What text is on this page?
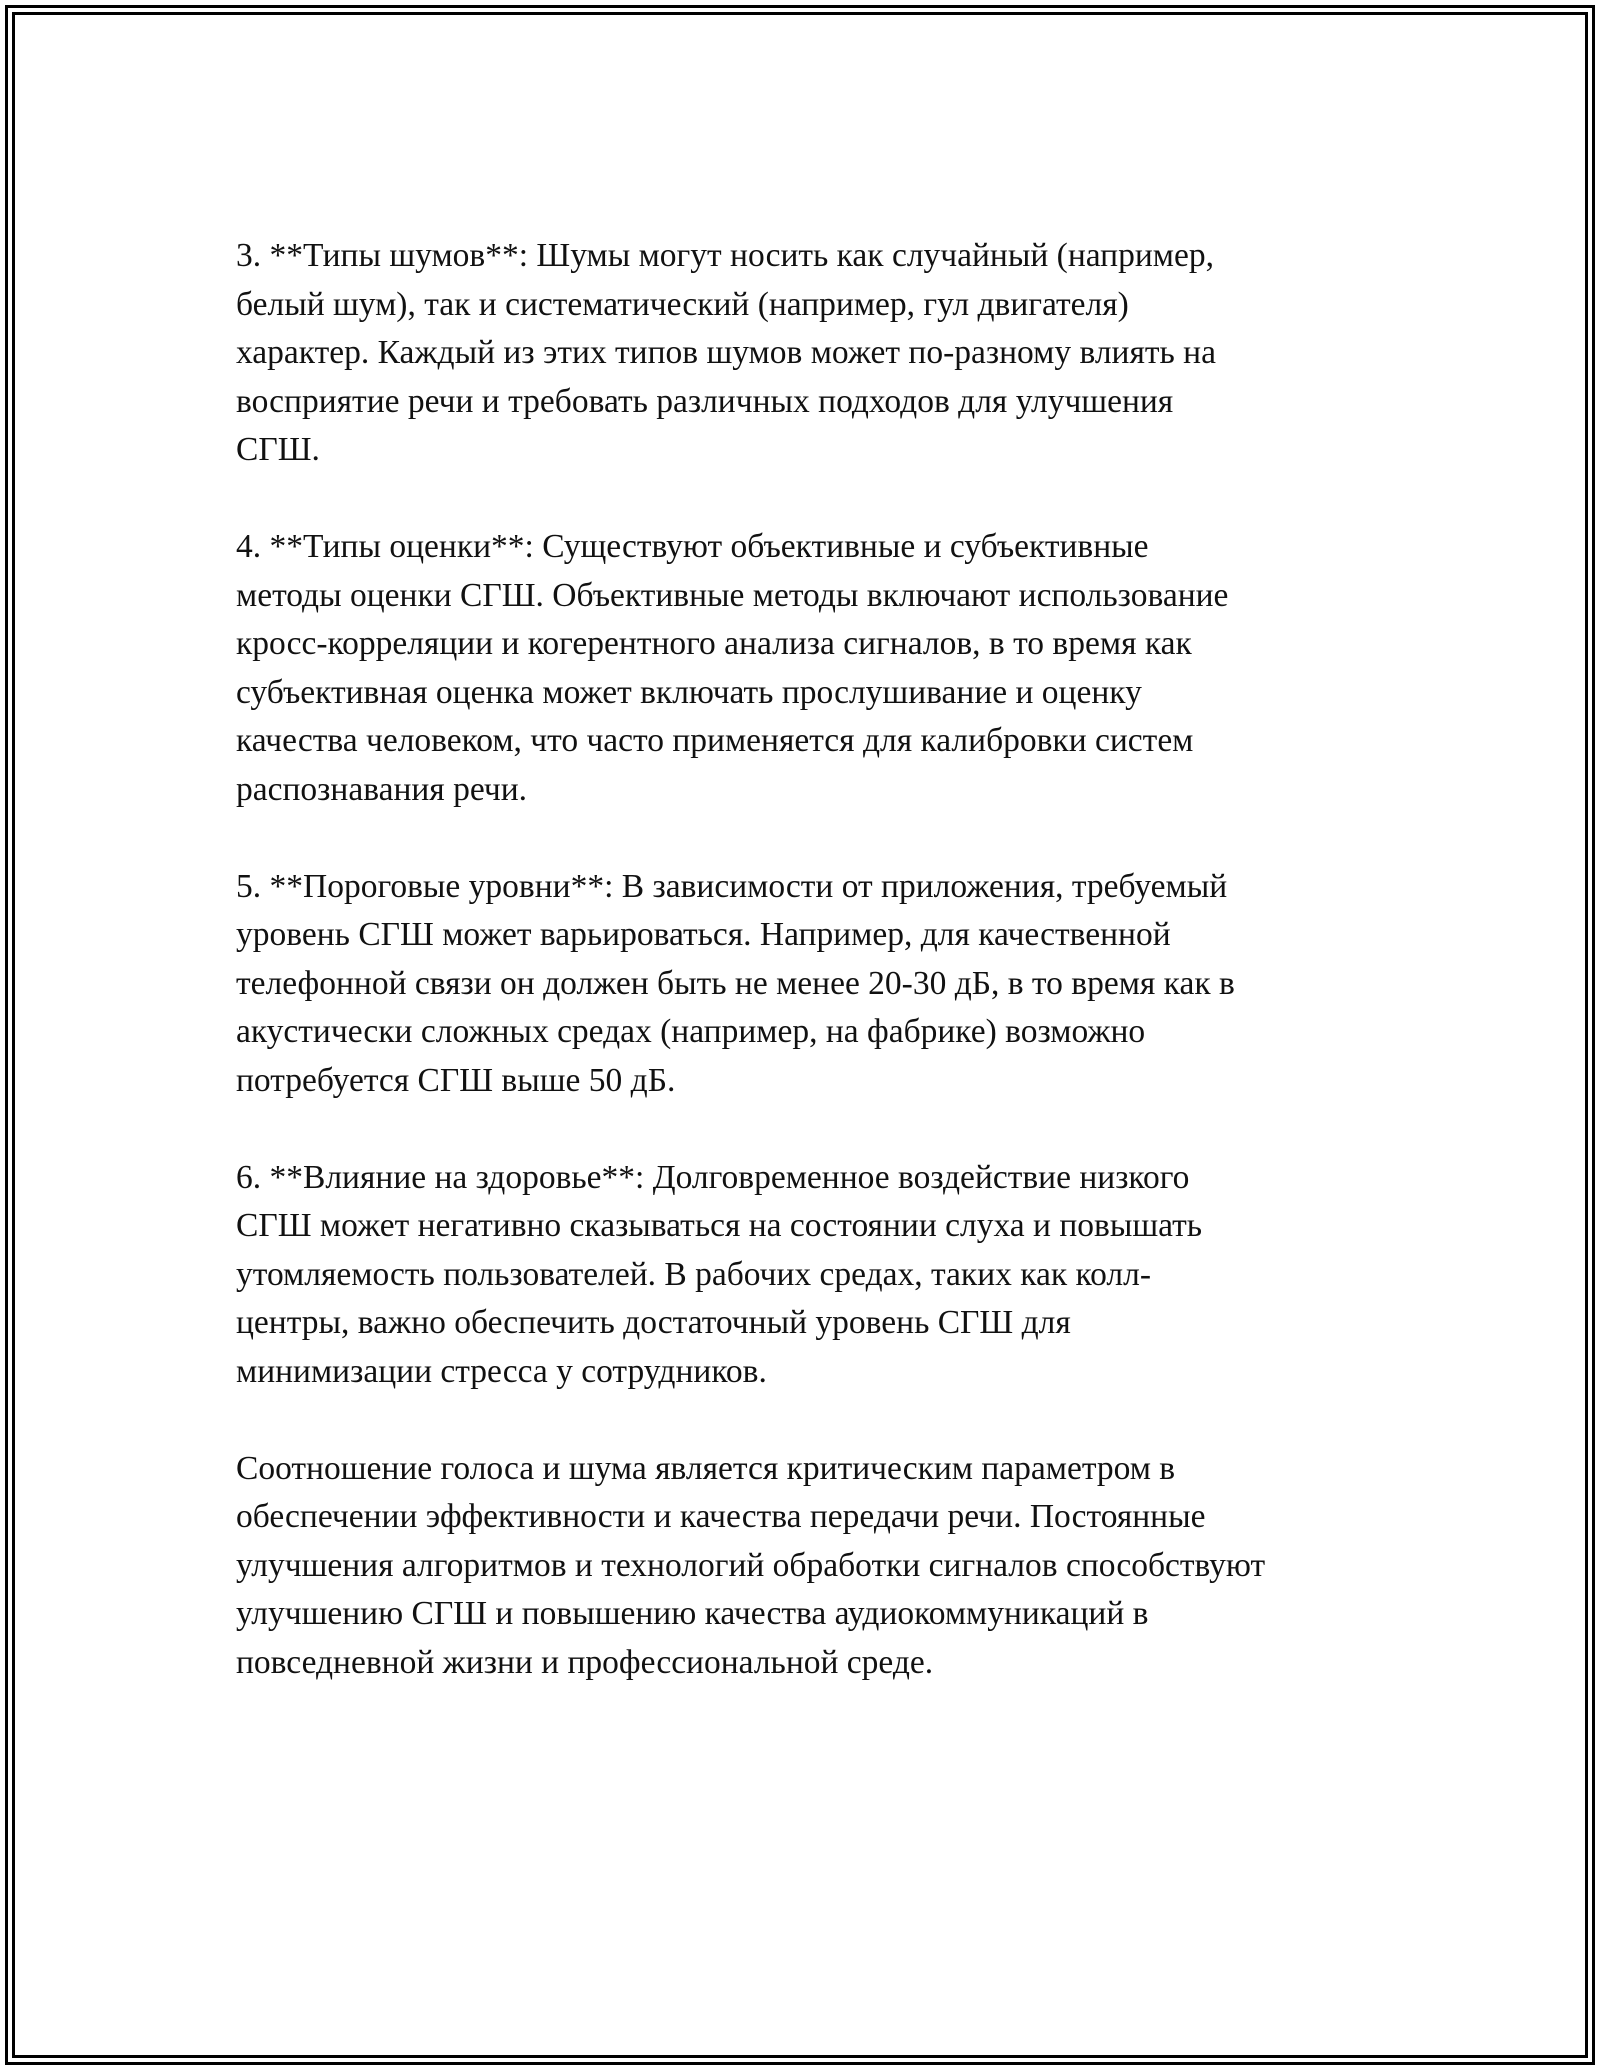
3. **Типы шумов**: Шумы могут носить как случайный (например,
белый шум), так и систематический (например, гул двигателя)
характер. Каждый из этих типов шумов может по-разному влиять на
восприятие речи и требовать различных подходов для улучшения
СГШ.

4. **Типы оценки**: Существуют объективные и субъективные
методы оценки СГШ. Объективные методы включают использование
кросс-корреляции и когерентного анализа сигналов, в то время как
субъективная оценка может включать прослушивание и оценку
качества человеком, что часто применяется для калибровки систем
распознавания речи.

5. **Пороговые уровни**: В зависимости от приложения, требуемый
уровень СГШ может варьироваться. Например, для качественной
телефонной связи он должен быть не менее 20-30 дБ, в то время как в
акустически сложных средах (например, на фабрике) возможно
потребуется СГШ выше 50 дБ.

6. **Влияние на здоровье**: Долговременное воздействие низкого
СГШ может негативно сказываться на состоянии слуха и повышать
утомляемость пользователей. В рабочих средах, таких как колл-
центры, важно обеспечить достаточный уровень СГШ для
минимизации стресса у сотрудников.

Соотношение голоса и шума является критическим параметром в
обеспечении эффективности и качества передачи речи. Постоянные
улучшения алгоритмов и технологий обработки сигналов способствуют
улучшению СГШ и повышению качества аудиокоммуникаций в
повседневной жизни и профессиональной среде.
